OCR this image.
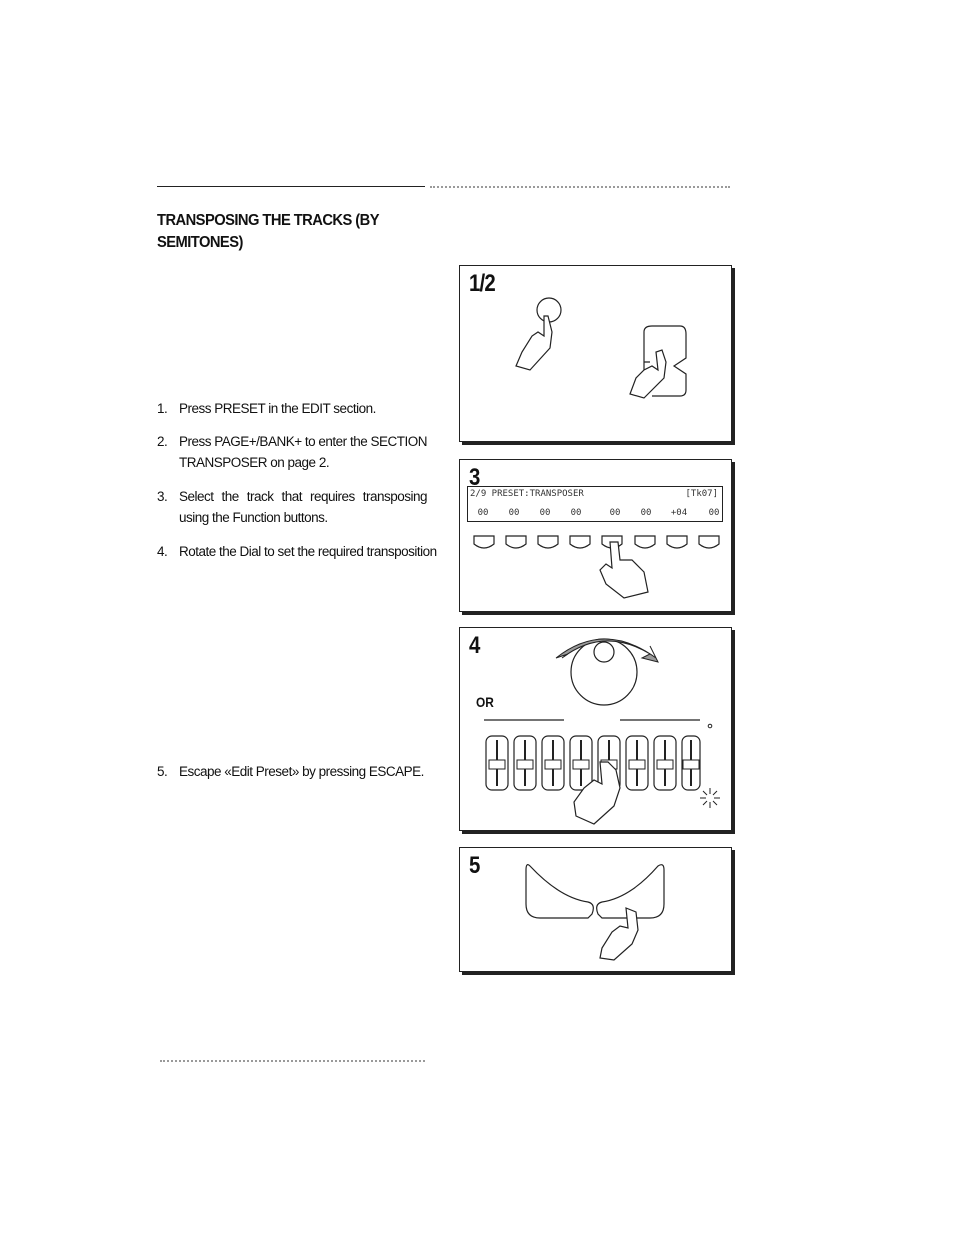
TRANSPOSING THE TRACKS (BY SEMITONES)
1. Press PRESET in the EDIT section.
2. Press PAGE+/BANK+ to enter the SECTION TRANSPOSER on page 2.
3. Select the track that requires transposing using the Function buttons.
4. Rotate the Dial to set the required transposition
5. Escape «Edit Preset» by pressing ESCAPE.
1/2
3
2/9 PRESET:TRANSPOSER	[Tk07]
00	00	00	00	00	00	+04	00
4
OR
5
